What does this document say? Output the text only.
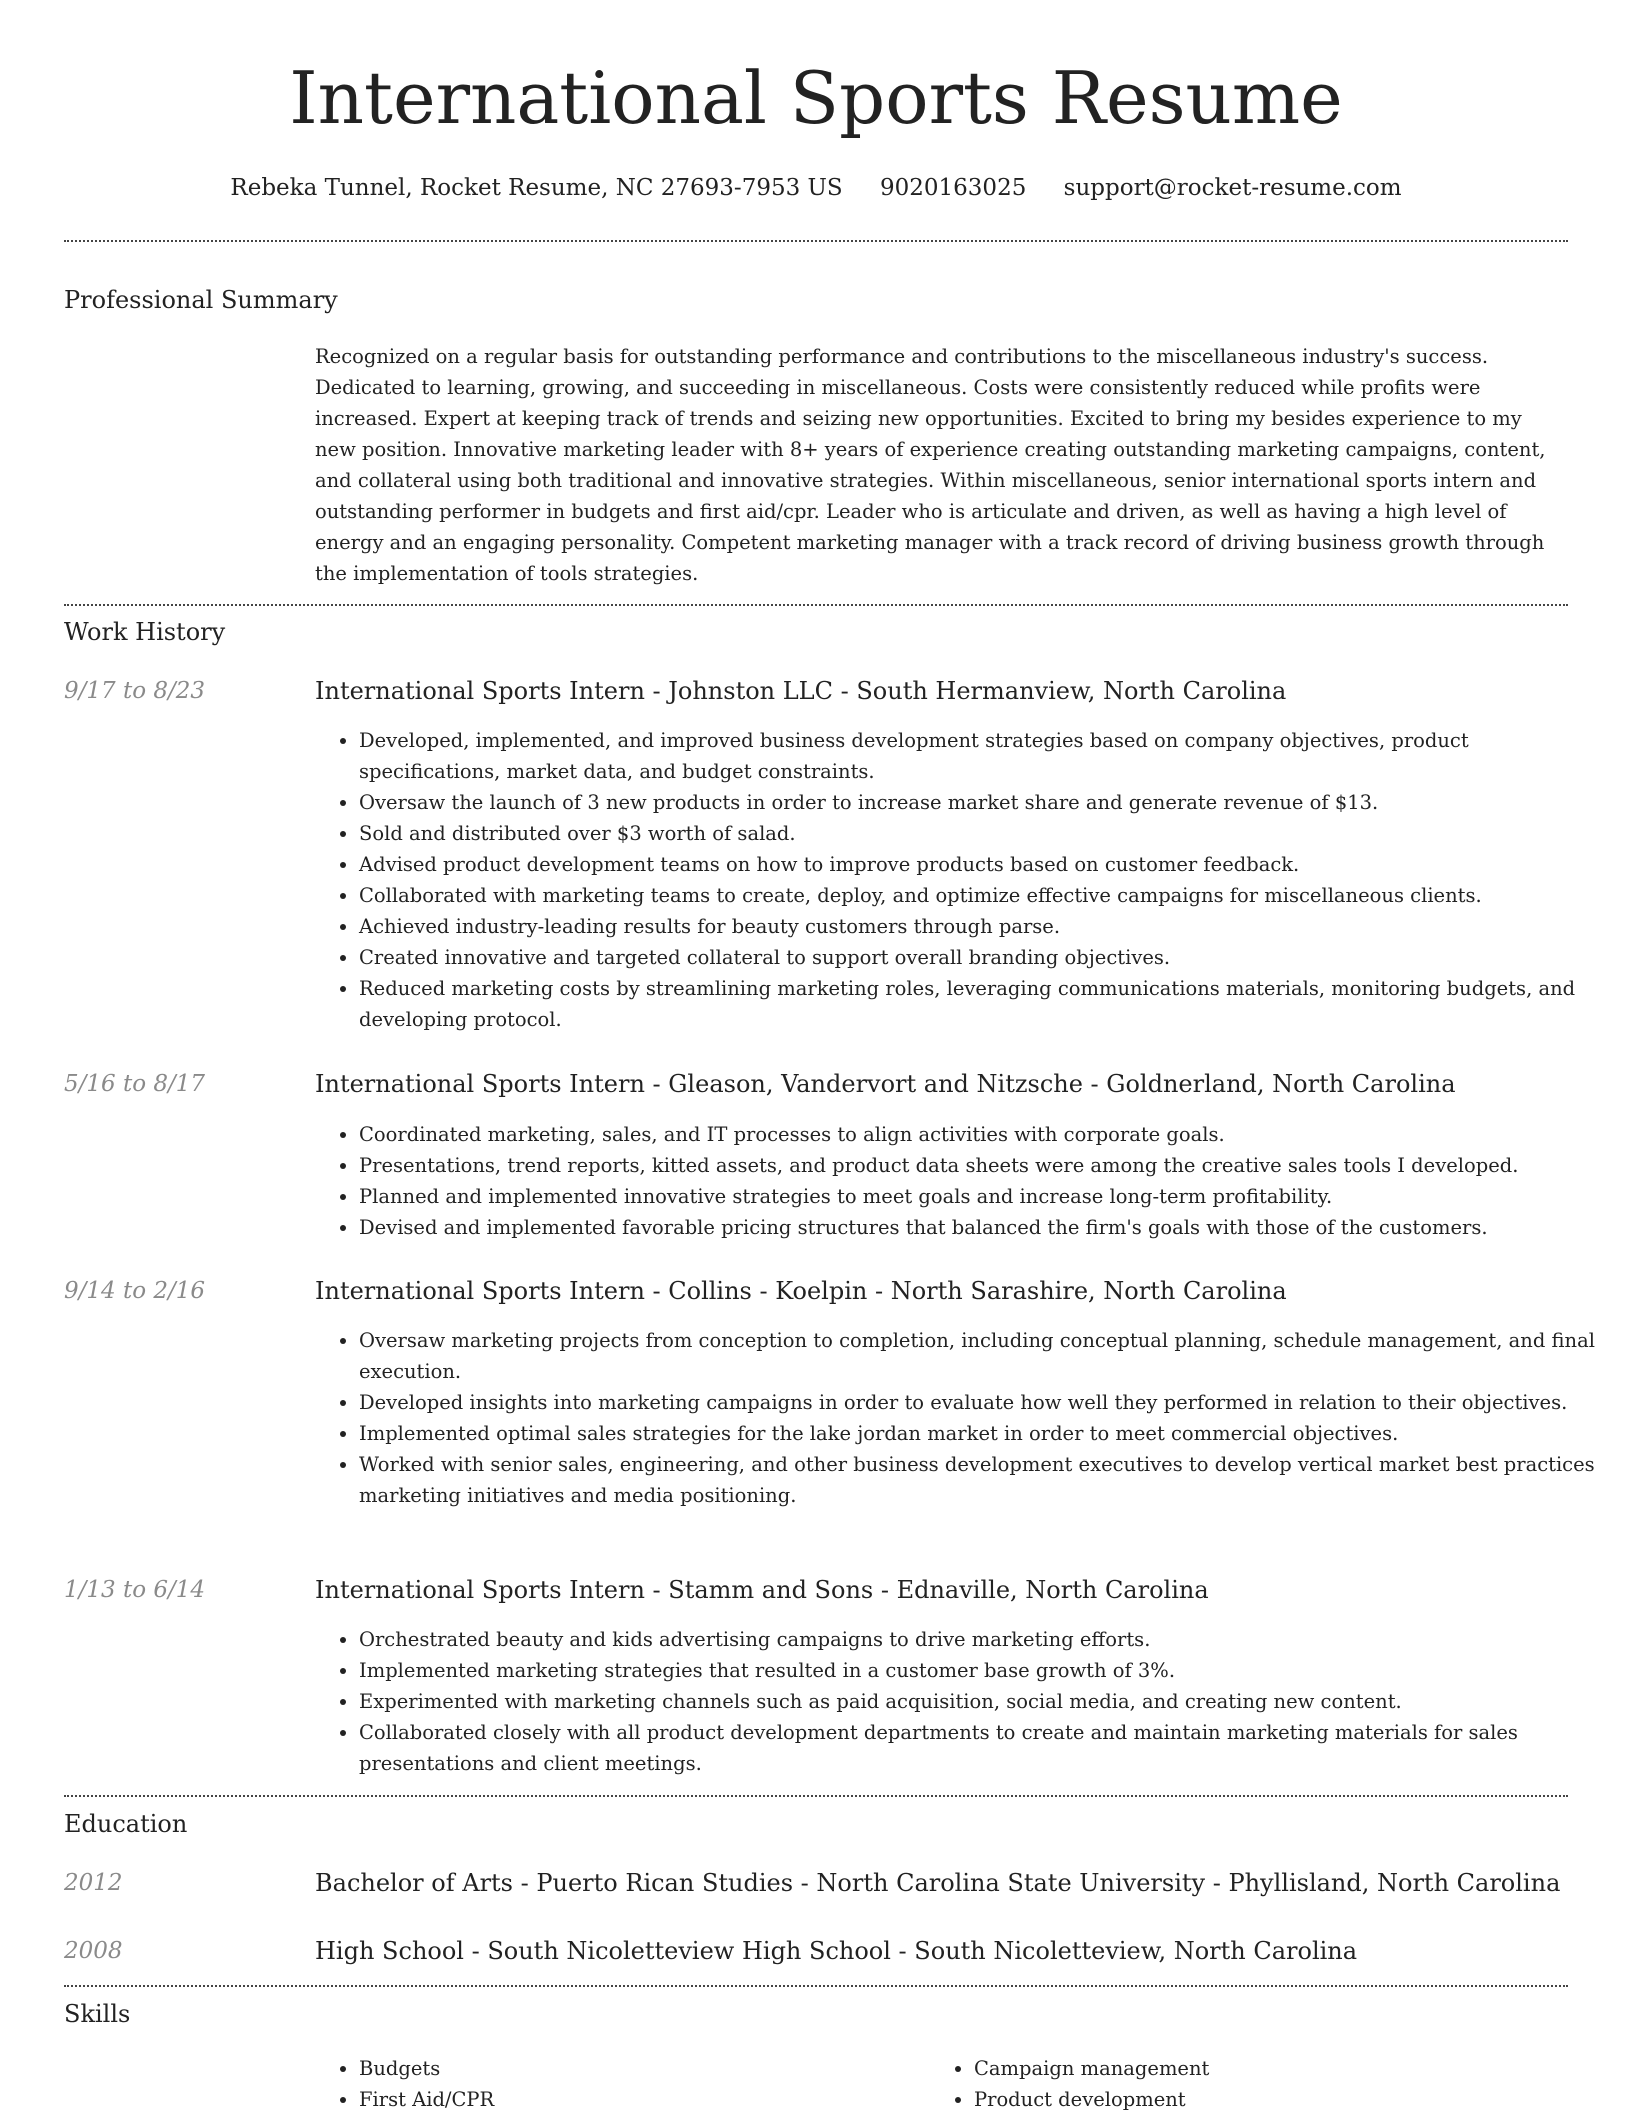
International Sports Resume
Rebeka Tunnel, Rocket Resume, NC 27693-7953 US 9020163025 support@rocket-resume.com
Professional Summary

Recognized on a regular basis for outstanding performance and contributions to the miscellaneous industry's success. Dedicated to learning, growing, and succeeding in miscellaneous. Costs were consistently reduced while profits were increased. Expert at keeping track of trends and seizing new opportunities. Excited to bring my besides experience to my new position. Innovative marketing leader with 8+ years of experience creating outstanding marketing campaigns, content, and collateral using both traditional and innovative strategies. Within miscellaneous, senior international sports intern and outstanding performer in budgets and first aid/cpr. Leader who is articulate and driven, as well as having a high level of energy and an engaging personality. Competent marketing manager with a track record of driving business growth through the implementation of tools strategies.

Work History
9/17 to 8/23	International Sports Intern - Johnston LLC - South Hermanview, North Carolina
• Developed, implemented, and improved business development strategies based on company objectives, product specifications, market data, and budget constraints.
• Oversaw the launch of 3 new products in order to increase market share and generate revenue of $13.
• Sold and distributed over $3 worth of salad.
• Advised product development teams on how to improve products based on customer feedback.
• Collaborated with marketing teams to create, deploy, and optimize effective campaigns for miscellaneous clients.
• Achieved industry-leading results for beauty customers through parse.
• Created innovative and targeted collateral to support overall branding objectives.
• Reduced marketing costs by streamlining marketing roles, leveraging communications materials, monitoring budgets, and developing protocol.
5/16 to 8/17	International Sports Intern - Gleason, Vandervort and Nitzsche - Goldnerland, North Carolina
• Coordinated marketing, sales, and IT processes to align activities with corporate goals.
• Presentations, trend reports, kitted assets, and product data sheets were among the creative sales tools I developed.
• Planned and implemented innovative strategies to meet goals and increase long-term profitability.
• Devised and implemented favorable pricing structures that balanced the firm's goals with those of the customers.
9/14 to 2/16	International Sports Intern - Collins - Koelpin - North Sarashire, North Carolina
• Oversaw marketing projects from conception to completion, including conceptual planning, schedule management, and final execution.
• Developed insights into marketing campaigns in order to evaluate how well they performed in relation to their objectives.
• Implemented optimal sales strategies for the lake jordan market in order to meet commercial objectives.
• Worked with senior sales, engineering, and other business development executives to develop vertical market best practices marketing initiatives and media positioning.
1/13 to 6/14	International Sports Intern - Stamm and Sons - Ednaville, North Carolina
• Orchestrated beauty and kids advertising campaigns to drive marketing efforts.
• Implemented marketing strategies that resulted in a customer base growth of 3%.
• Experimented with marketing channels such as paid acquisition, social media, and creating new content.
• Collaborated closely with all product development departments to create and maintain marketing materials for sales presentations and client meetings.
Education
2012	Bachelor of Arts - Puerto Rican Studies - North Carolina State University - Phyllisland, North Carolina
2008	High School - South Nicoletteview High School - South Nicoletteview, North Carolina
Skills
• Budgets
• First Aid/CPR
• Campaign management
• Product development
